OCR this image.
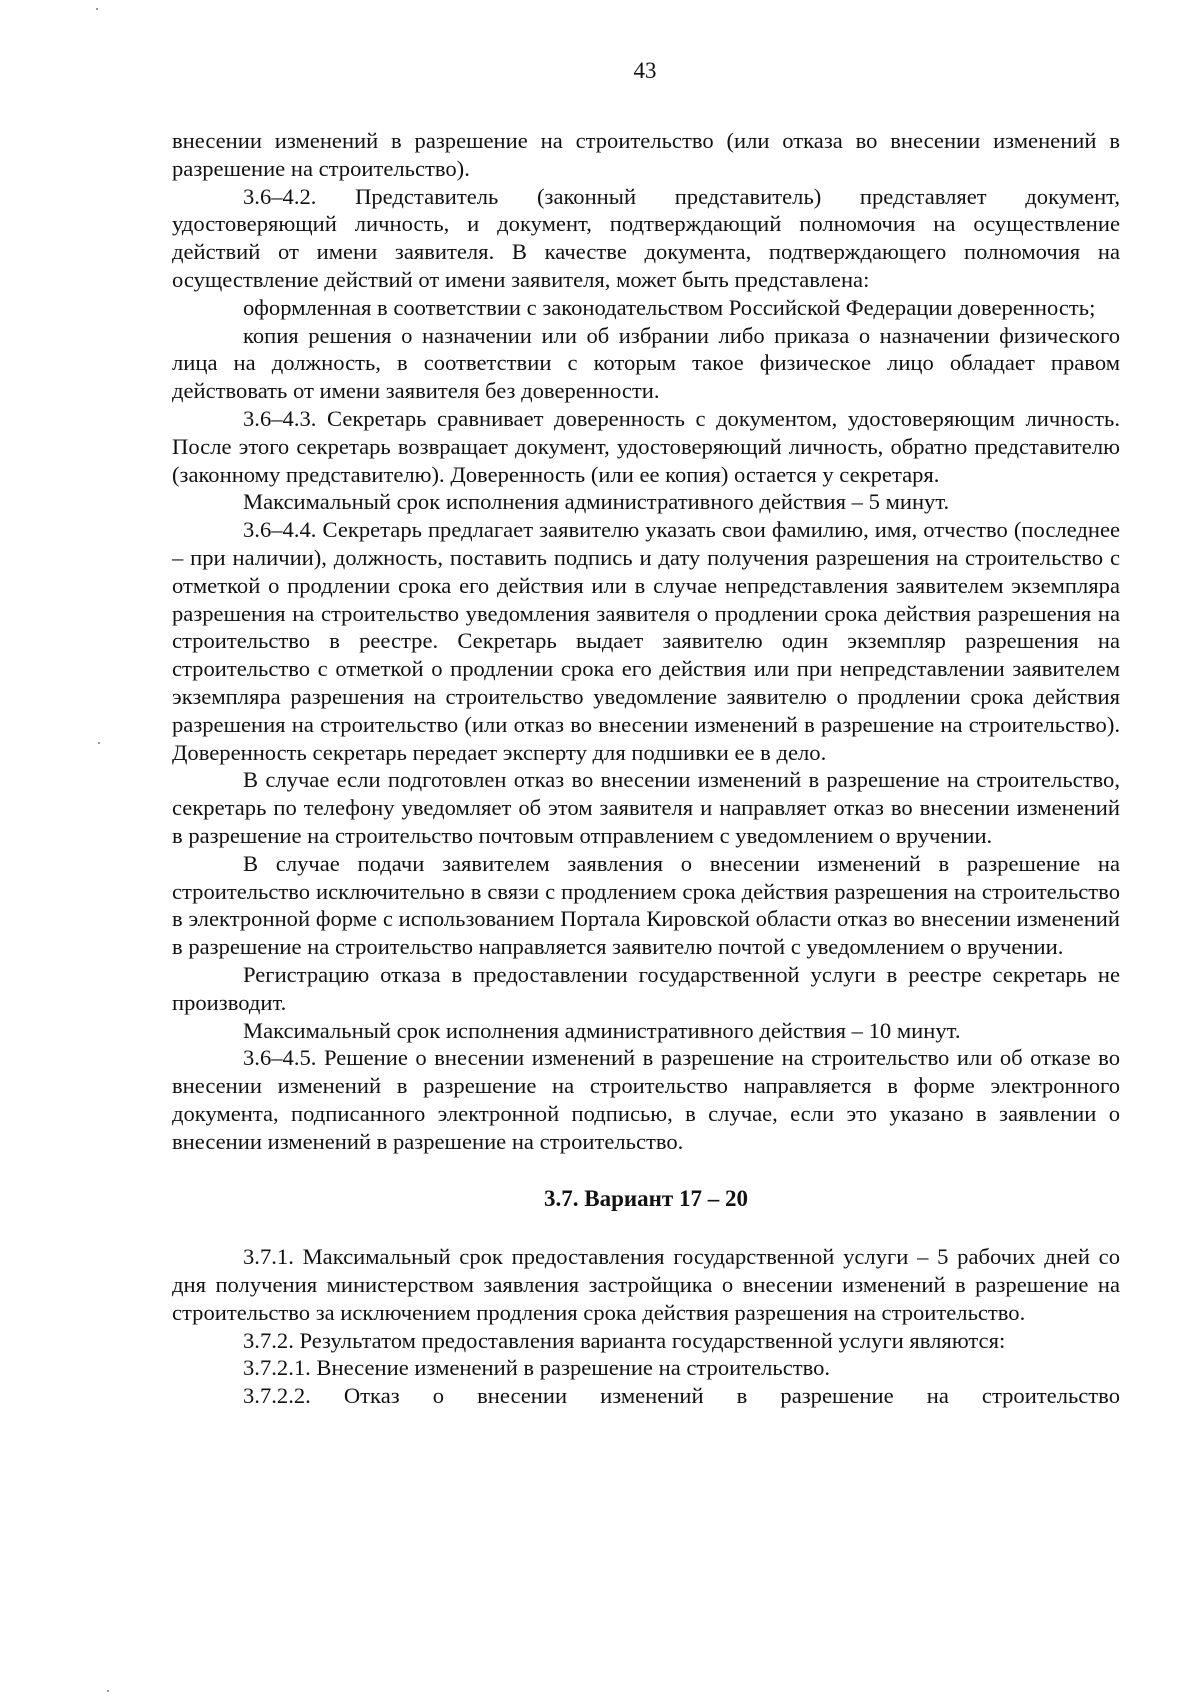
43

внесении изменений в разрешение на строительство (или отказа во внесении изменений в разрешение на строительство).

3.6–4.2. Представитель (законный представитель) представляет документ, удостоверяющий личность, и документ, подтверждающий полномочия на осуществление действий от имени заявителя. В качестве документа, подтверждающего полномочия на осуществление действий от имени заявителя, может быть представлена:

оформленная в соответствии с законодательством Российской Федерации доверенность;

копия решения о назначении или об избрании либо приказа о назначении физического лица на должность, в соответствии с которым такое физическое лицо обладает правом действовать от имени заявителя без доверенности.

3.6–4.3. Секретарь сравнивает доверенность с документом, удостоверяющим личность. После этого секретарь возвращает документ, удостоверяющий личность, обратно представителю (законному представителю). Доверенность (или ее копия) остается у секретаря.

Максимальный срок исполнения административного действия – 5 минут.

3.6–4.4. Секретарь предлагает заявителю указать свои фамилию, имя, отчество (последнее – при наличии), должность, поставить подпись и дату получения разрешения на строительство с отметкой о продлении срока его действия или в случае непредставления заявителем экземпляра разрешения на строительство уведомления заявителя о продлении срока действия разрешения на строительство в реестре. Секретарь выдает заявителю один экземпляр разрешения на строительство с отметкой о продлении срока его действия или при непредставлении заявителем экземпляра разрешения на строительство уведомление заявителю о продлении срока действия разрешения на строительство (или отказ во внесении изменений в разрешение на строительство). Доверенность секретарь передает эксперту для подшивки ее в дело.

В случае если подготовлен отказ во внесении изменений в разрешение на строительство, секретарь по телефону уведомляет об этом заявителя и направляет отказ во внесении изменений в разрешение на строительство почтовым отправлением с уведомлением о вручении.

В случае подачи заявителем заявления о внесении изменений в разрешение на строительство исключительно в связи с продлением срока действия разрешения на строительство в электронной форме с использованием Портала Кировской области отказ во внесении изменений в разрешение на строительство направляется заявителю почтой с уведомлением о вручении.

Регистрацию отказа в предоставлении государственной услуги в реестре секретарь не производит.

Максимальный срок исполнения административного действия – 10 минут.

3.6–4.5. Решение о внесении изменений в разрешение на строительство или об отказе во внесении изменений в разрешение на строительство направляется в форме электронного документа, подписанного электронной подписью, в случае, если это указано в заявлении о внесении изменений в разрешение на строительство.

3.7. Вариант 17 – 20

3.7.1. Максимальный срок предоставления государственной услуги – 5 рабочих дней со дня получения министерством заявления застройщика о внесении изменений в разрешение на строительство за исключением продления срока действия разрешения на строительство.

3.7.2. Результатом предоставления варианта государственной услуги являются:

3.7.2.1. Внесение изменений в разрешение на строительство.

3.7.2.2. Отказ о внесении изменений в разрешение на строительство
